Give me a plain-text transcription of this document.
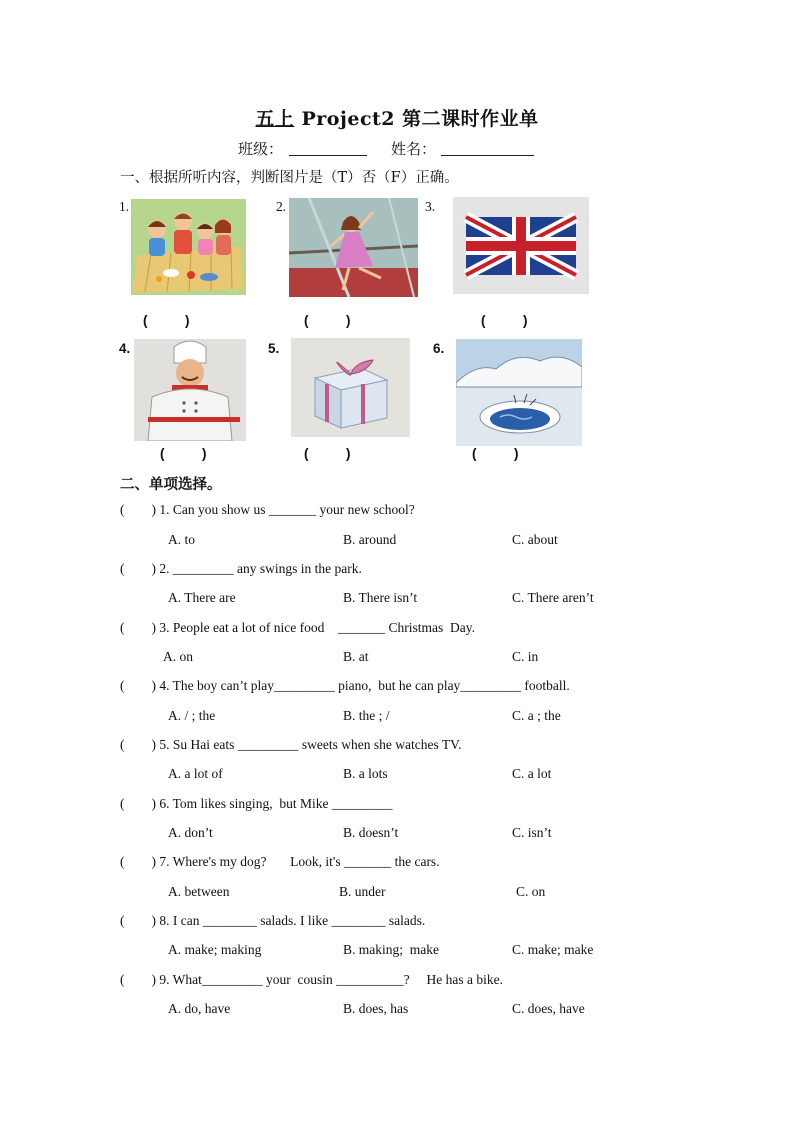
五上 Project2 第二课时作业单
班级：	姓名：
一、根据所听内容，判断图片是（T）否（F）正确。
1.	2.	3.
4.	5.	6.
(          )	(          )	(          )
(          )	(          )	(          )
二、单项选择。
(        ) 1. Can you show us _______ your new school?
A. to	B. around	C. about
(        ) 2. _________ any swings in the park.
A. There are	B. There isn’t	C. There aren’t
(        ) 3. People eat a lot of nice food    _______ Christmas  Day.
A. on	B. at	C. in
(        ) 4. The boy can’t play_________ piano,  but he can play_________ football.
A. / ; the	B. the ; /	C. a ; the
(        ) 5. Su Hai eats _________ sweets when she watches TV.
A. a lot of	B. a lots	C. a lot
(        ) 6. Tom likes singing,  but Mike _________
A. don’t	B. doesn’t	C. isn’t
(        ) 7. Where's my dog?       Look, it's _______ the cars.
A. between	B. under	C. on
(        ) 8. I can ________ salads. I like ________ salads.
A. make; making	B. making;  make	C. make; make
(        ) 9. What_________ your  cousin __________?     He has a bike.
A. do, have	B. does, has	C. does, have
